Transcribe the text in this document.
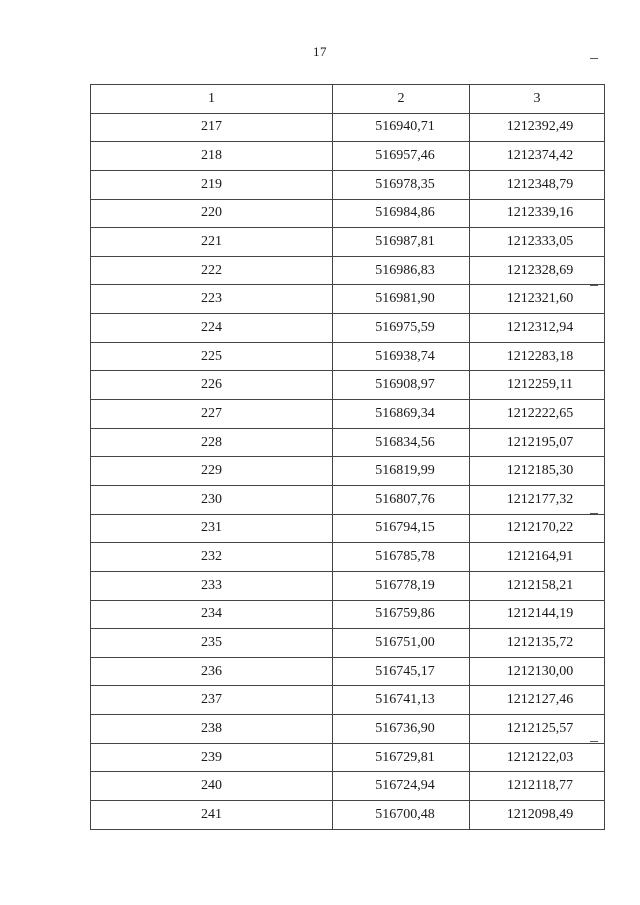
17
1	2	3
217	516940,71	1212392,49
218	516957,46	1212374,42
219	516978,35	1212348,79
220	516984,86	1212339,16
221	516987,81	1212333,05
222	516986,83	1212328,69
223	516981,90	1212321,60
224	516975,59	1212312,94
225	516938,74	1212283,18
226	516908,97	1212259,11
227	516869,34	1212222,65
228	516834,56	1212195,07
229	516819,99	1212185,30
230	516807,76	1212177,32
231	516794,15	1212170,22
232	516785,78	1212164,91
233	516778,19	1212158,21
234	516759,86	1212144,19
235	516751,00	1212135,72
236	516745,17	1212130,00
237	516741,13	1212127,46
238	516736,90	1212125,57
239	516729,81	1212122,03
240	516724,94	1212118,77
241	516700,48	1212098,49
